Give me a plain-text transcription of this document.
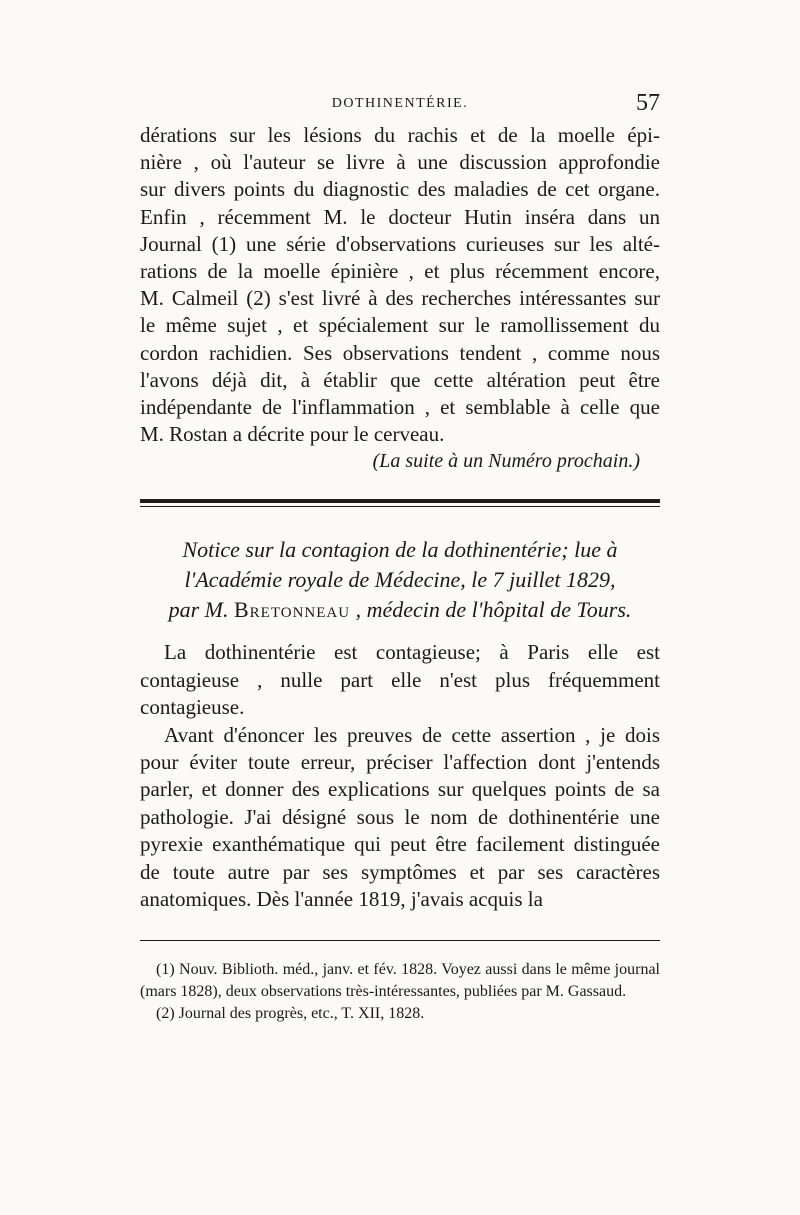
DOTHINENTÉRIE.	57

dérations sur les lésions du rachis et de la moelle épi-

nière , où l'auteur se livre à une discussion approfondie

sur divers points du diagnostic des maladies de cet organe.

Enfin , récemment M. le docteur Hutin inséra dans un

Journal (1) une série d'observations curieuses sur les alté-

rations de la moelle épinière , et plus récemment encore,

M. Calmeil (2) s'est livré à des recherches intéressantes sur

le même sujet , et spécialement sur le ramollissement du

cordon rachidien. Ses observations tendent , comme nous

l'avons déjà dit, à établir que cette altération peut être

indépendante de l'inflammation , et semblable à celle que

M. Rostan a décrite pour le cerveau.

(La suite à un Numéro prochain.)
Notice sur la contagion de la dothinentérie; lue à
l'Académie royale de Médecine, le 7 juillet 1829,
par M. Bretonneau , médecin de l'hôpital de Tours.

La dothinentérie est contagieuse; à Paris elle est contagieuse , nulle part elle n'est plus fréquemment contagieuse.

Avant d'énoncer les preuves de cette assertion , je dois pour éviter toute erreur, préciser l'affection dont j'entends parler, et donner des explications sur quelques points de sa pathologie. J'ai désigné sous le nom de dothinentérie une pyrexie exanthématique qui peut être facilement distinguée de toute autre par ses symptômes et par ses caractères anatomiques. Dès l'année 1819, j'avais acquis la

(1) Nouv. Biblioth. méd., janv. et fév. 1828. Voyez aussi dans le même journal (mars 1828), deux observations très-intéressantes, publiées par M. Gassaud.

(2) Journal des progrès, etc., T. XII, 1828.
